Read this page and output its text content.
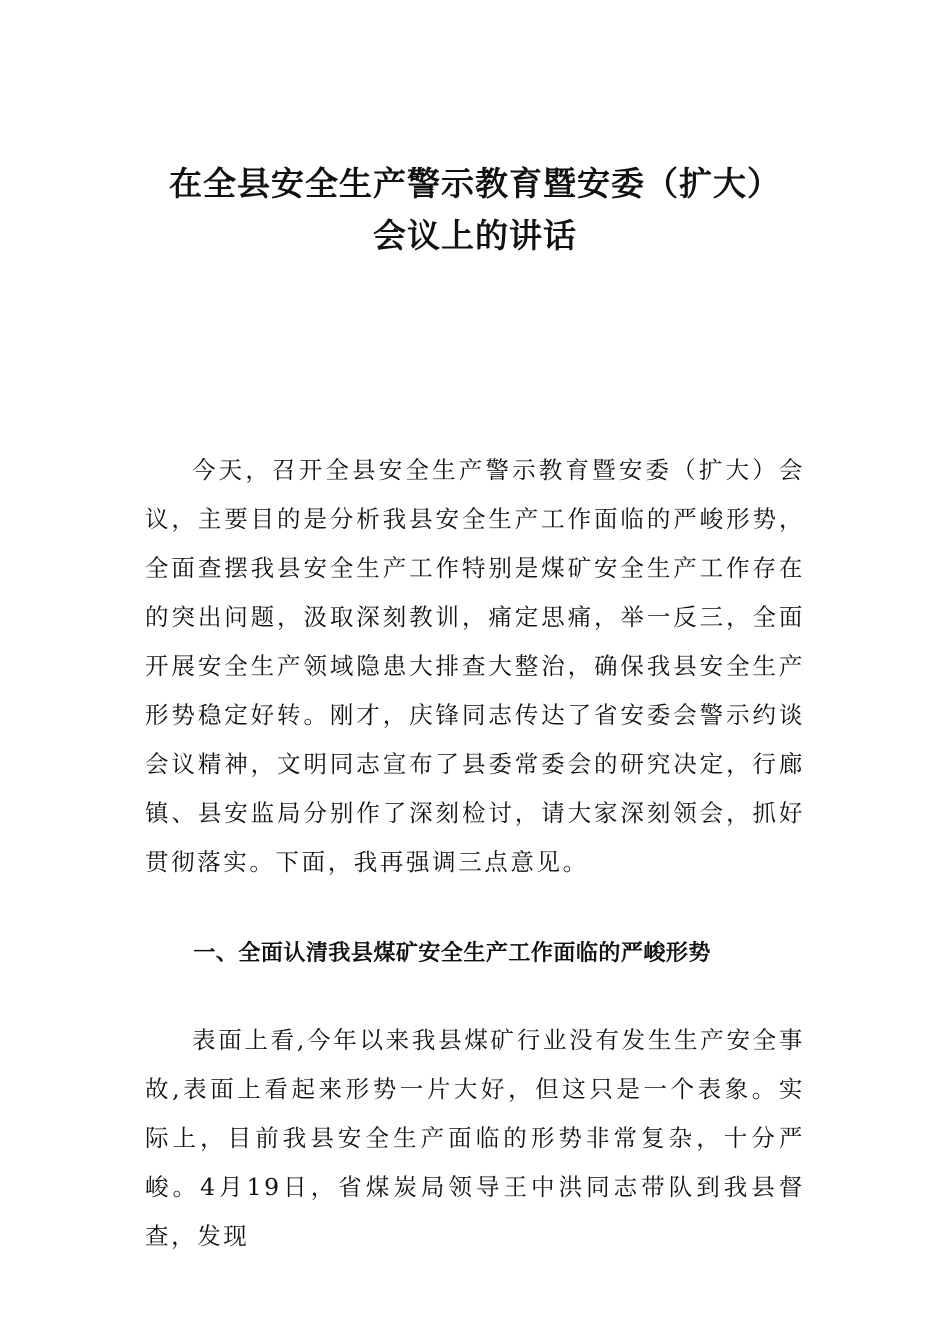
在全县安全生产警示教育暨安委（扩大）
会议上的讲话

今天，召开全县安全生产警示教育暨安委（扩大）会议，主要目的是分析我县安全生产工作面临的严峻形势，全面查摆我县安全生产工作特别是煤矿安全生产工作存在的突出问题，汲取深刻教训，痛定思痛，举一反三，全面开展安全生产领域隐患大排查大整治，确保我县安全生产形势稳定好转。刚才，庆锋同志传达了省安委会警示约谈会议精神，文明同志宣布了县委常委会的研究决定，行廊镇、县安监局分别作了深刻检讨，请大家深刻领会，抓好贯彻落实。下面，我再强调三点意见。

一、全面认清我县煤矿安全生产工作面临的严峻形势

表面上看,今年以来我县煤矿行业没有发生生产安全事故,表面上看起来形势一片大好，但这只是一个表象。实际上，目前我县安全生产面临的形势非常复杂，十分严峻。4月19日，省煤炭局领导王中洪同志带队到我县督查，发现
